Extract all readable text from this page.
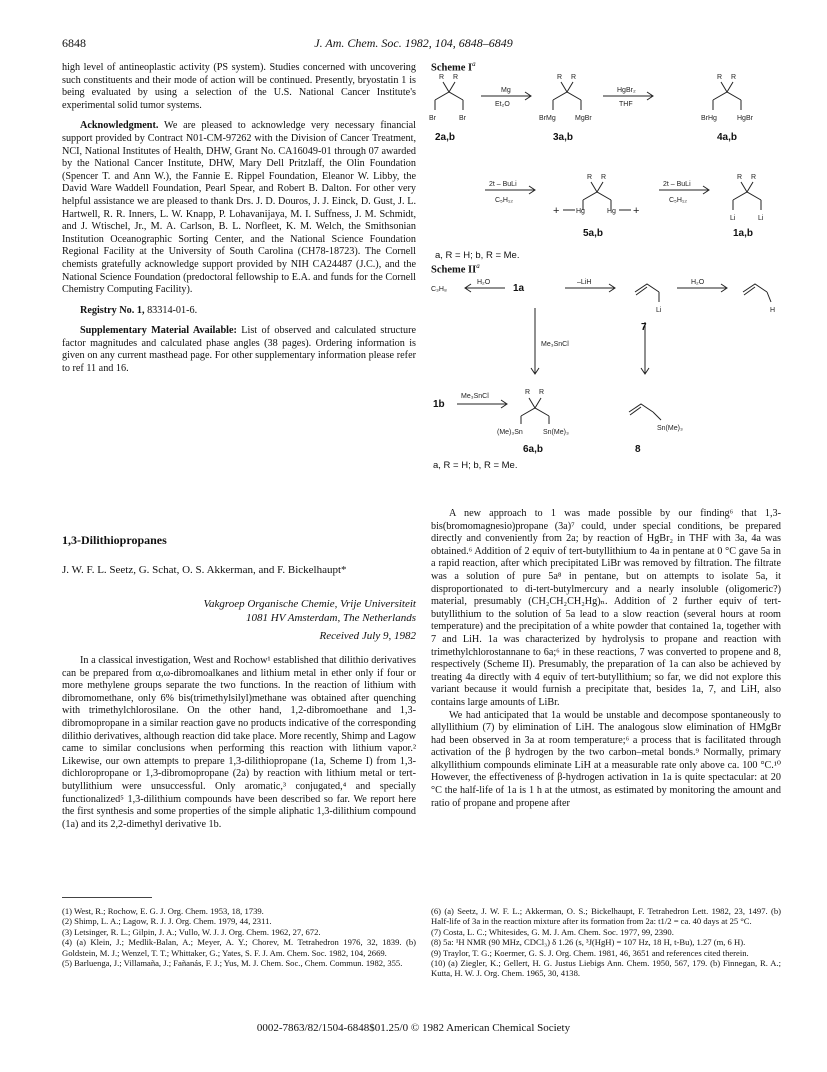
6848	J. Am. Chem. Soc. 1982, 104, 6848–6849

high level of antineoplastic activity (PS system). Studies concerned with uncovering such constituents and their mode of action will be continued. Presently, bryostatin 1 is being evaluated by using a selection of the U.S. National Cancer Institute's experimental solid tumor systems.

Acknowledgment. We are pleased to acknowledge very necessary financial support provided by Contract N01-CM-97262 with the Division of Cancer Treatment, NCI, National Institutes of Health, DHW, Grant No. CA16049-01 through 07 awarded by the National Cancer Institute, DHW, Mary Dell Pritzlaff, the Olin Foundation (Spencer T. and Ann W.), the Fannie E. Rippel Foundation, Eleanor W. Libby, the David Ware Waddell Foundation, Pearl Spear, and Robert B. Dalton. For other very helpful assistance we are pleased to thank Drs. J. D. Douros, J. J. Einck, D. Gust, J. L. Hartwell, R. R. Inners, L. W. Knapp, P. Lohavanijaya, M. I. Suffness, J. M. Schmidt, and J. Wtischel, Jr., M. A. Carlson, B. L. Norfleet, K. M. Welch, the Smithsonian Institution Oceanographic Sorting Center, and the National Science Foundation Regional Facility at the University of South Carolina (CH78-18723). The Cornell chemists gratefully acknowledge support provided by NIH CA24487 (J.C.), and the National Science Foundation (predoctoral fellowship to E.A. and funds for the Cornell Chemistry Computing Facility).

Registry No. 1, 83314-01-6.

Supplementary Material Available: List of observed and calculated structure factor magnitudes and calculated phase angles (38 pages). Ordering information is given on any current masthead page. For other supplementary information please refer to ref 11 and 16.

1,3-Dilithiopropanes
J. W. F. L. Seetz, G. Schat, O. S. Akkerman, and F. Bickelhaupt*
Vakgroep Organische Chemie, Vrije Universiteit
1081 HV Amsterdam, The Netherlands
Received July 9, 1982

In a classical investigation, West and Rochow¹ established that dilithio derivatives can be prepared from α,ω-dibromoalkanes and lithium metal in ether only if four or more methylene groups separate the two functions. In the reaction of lithium with dibromomethane, only 6% bis(trimethylsilyl)methane was obtained after quenching with trimethylchlorosilane. On the other hand, 1,2-dibromoethane and 1,3-dibromopropane in a similar reaction gave no products indicative of the corresponding dilithio derivatives, although reaction did take place. More recently, Shimp and Lagow came to similar conclusions when performing this reaction with lithium vapor.² Likewise, our own attempts to prepare 1,3-dilithiopropane (1a, Scheme I) from 1,3-dichloropropane or 1,3-dibromopropane (2a) by reaction with lithium metal or tert-butyllithium were unsuccessful. Only aromatic,³ conjugated,⁴ and specially functionalized⁵ 1,3-dilithium compounds have been described so far. We report here the first synthesis and some properties of the simple aliphatic 1,3-dilithium compound (1a) and its 2,2-dimethyl derivative 1b.

A new approach to 1 was made possible by our finding⁶ that 1,3-bis(bromomagnesio)propane (3a)⁷ could, under special conditions, be prepared directly and conveniently from 2a; by reaction of HgBr₂ in THF with 3a, 4a was obtained.⁶ Addition of 2 equiv of tert-butyllithium to 4a in pentane at 0 °C gave 5a in a rapid reaction, after which precipitated LiBr was removed by filtration. The filtrate was a solution of pure 5a⁸ in pentane, but on attempts to isolate 5a, it disproportionated to di-tert-butylmercury and a nearly insoluble (oligomeric?) material, presumably (CH₂CH₂CH₂Hg)ₙ. Addition of 2 further equiv of tert-butyllithium to the solution of 5a lead to a slow reaction (several hours at room temperature) and the precipitation of a white powder that contained 1a, together with 7 and LiH. 1a was characterized by hydrolysis to propane and reaction with trimethylchlorostannane to 6a;⁶ in these reactions, 7 was converted to propene and 8, respectively (Scheme II). Presumably, the preparation of 1a can also be achieved by treating 4a directly with 4 equiv of tert-butyllithium; so far, we did not explore this variant because it would furnish a precipitate that, besides 1a, 7, and LiH, also contains large amounts of LiBr.

We had anticipated that 1a would be unstable and decompose spontaneously to allyllithium (7) by elimination of LiH. The analogous slow elimination of HMgBr had been observed in 3a at room temperature;⁶ a process that is facilitated through activation of the β hydrogen by the two carbon–metal bonds.⁹ Normally, primary alkyllithium compounds eliminate LiH at a measurable rate only above ca. 100 °C.¹⁰ However, the effectiveness of β-hydrogen activation in 1a is quite spectacular: at 20 °C the half-life of 1a is 1 h at the utmost, as estimated by monitoring the amount and ratio of propane and propene after

(1) West, R.; Rochow, E. G. J. Org. Chem. 1953, 18, 1739.

(2) Shimp, L. A.; Lagow, R. J. J. Org. Chem. 1979, 44, 2311.

(3) Letsinger, R. L.; Gilpin, J. A.; Vullo, W. J. J. Org. Chem. 1962, 27, 672.

(4) (a) Klein, J.; Medlik-Balan, A.; Meyer, A. Y.; Chorev, M. Tetrahedron 1976, 32, 1839. (b) Goldstein, M. J.; Wenzel, T. T.; Whittaker, G.; Yates, S. F. J. Am. Chem. Soc. 1982, 104, 2669.

(5) Barluenga, J.; Villamaña, J.; Fañanás, F. J.; Yus, M. J. Chem. Soc., Chem. Commun. 1982, 355.

(6) (a) Seetz, J. W. F. L.; Akkerman, O. S.; Bickelhaupt, F. Tetrahedron Lett. 1982, 23, 1497. (b) Half-life of 3a in the reaction mixture after its formation from 2a: t1/2 = ca. 40 days at 25 °C.

(7) Costa, L. C.; Whitesides, G. M. J. Am. Chem. Soc. 1977, 99, 2390.

(8) 5a: ¹H NMR (90 MHz, CDCl₃) δ 1.26 (s, ³J(HgH) = 107 Hz, 18 H, t-Bu), 1.27 (m, 6 H).

(9) Traylor, T. G.; Koermer, G. S. J. Org. Chem. 1981, 46, 3651 and references cited therein.

(10) (a) Ziegler, K.; Gellert, H. G. Justus Liebigs Ann. Chem. 1950, 567, 179. (b) Finnegan, R. A.; Kutta, H. W. J. Org. Chem. 1965, 30, 4138.

0002-7863/82/1504-6848$01.25/0 © 1982 American Chemical Society
Scheme $I^a$
R R
Br	Br
Mg
Et₂O
R R
BrMg	MgBr
HgBr₂
THF
R R
BrHg	HgBr
2t – BuLi
C₅H₁₂
R R
+ Hg	Hg +
2t – BuLi
C₅H₁₂
R R
Li	Li
2a,b	3a,b	4a,b
5a,b	1a,b
a, R = H; b, R = Me.
Scheme $II^a$
C₃H₈
H₂O	–LiH
Li
H₂O
H
Me₃SnCl
Me₃SnCl
R R
(Me)₃Sn	Sn(Me)₃
Sn(Me)₃
1a
7
1b
6a,b	8
a, R = H; b, R = Me.
